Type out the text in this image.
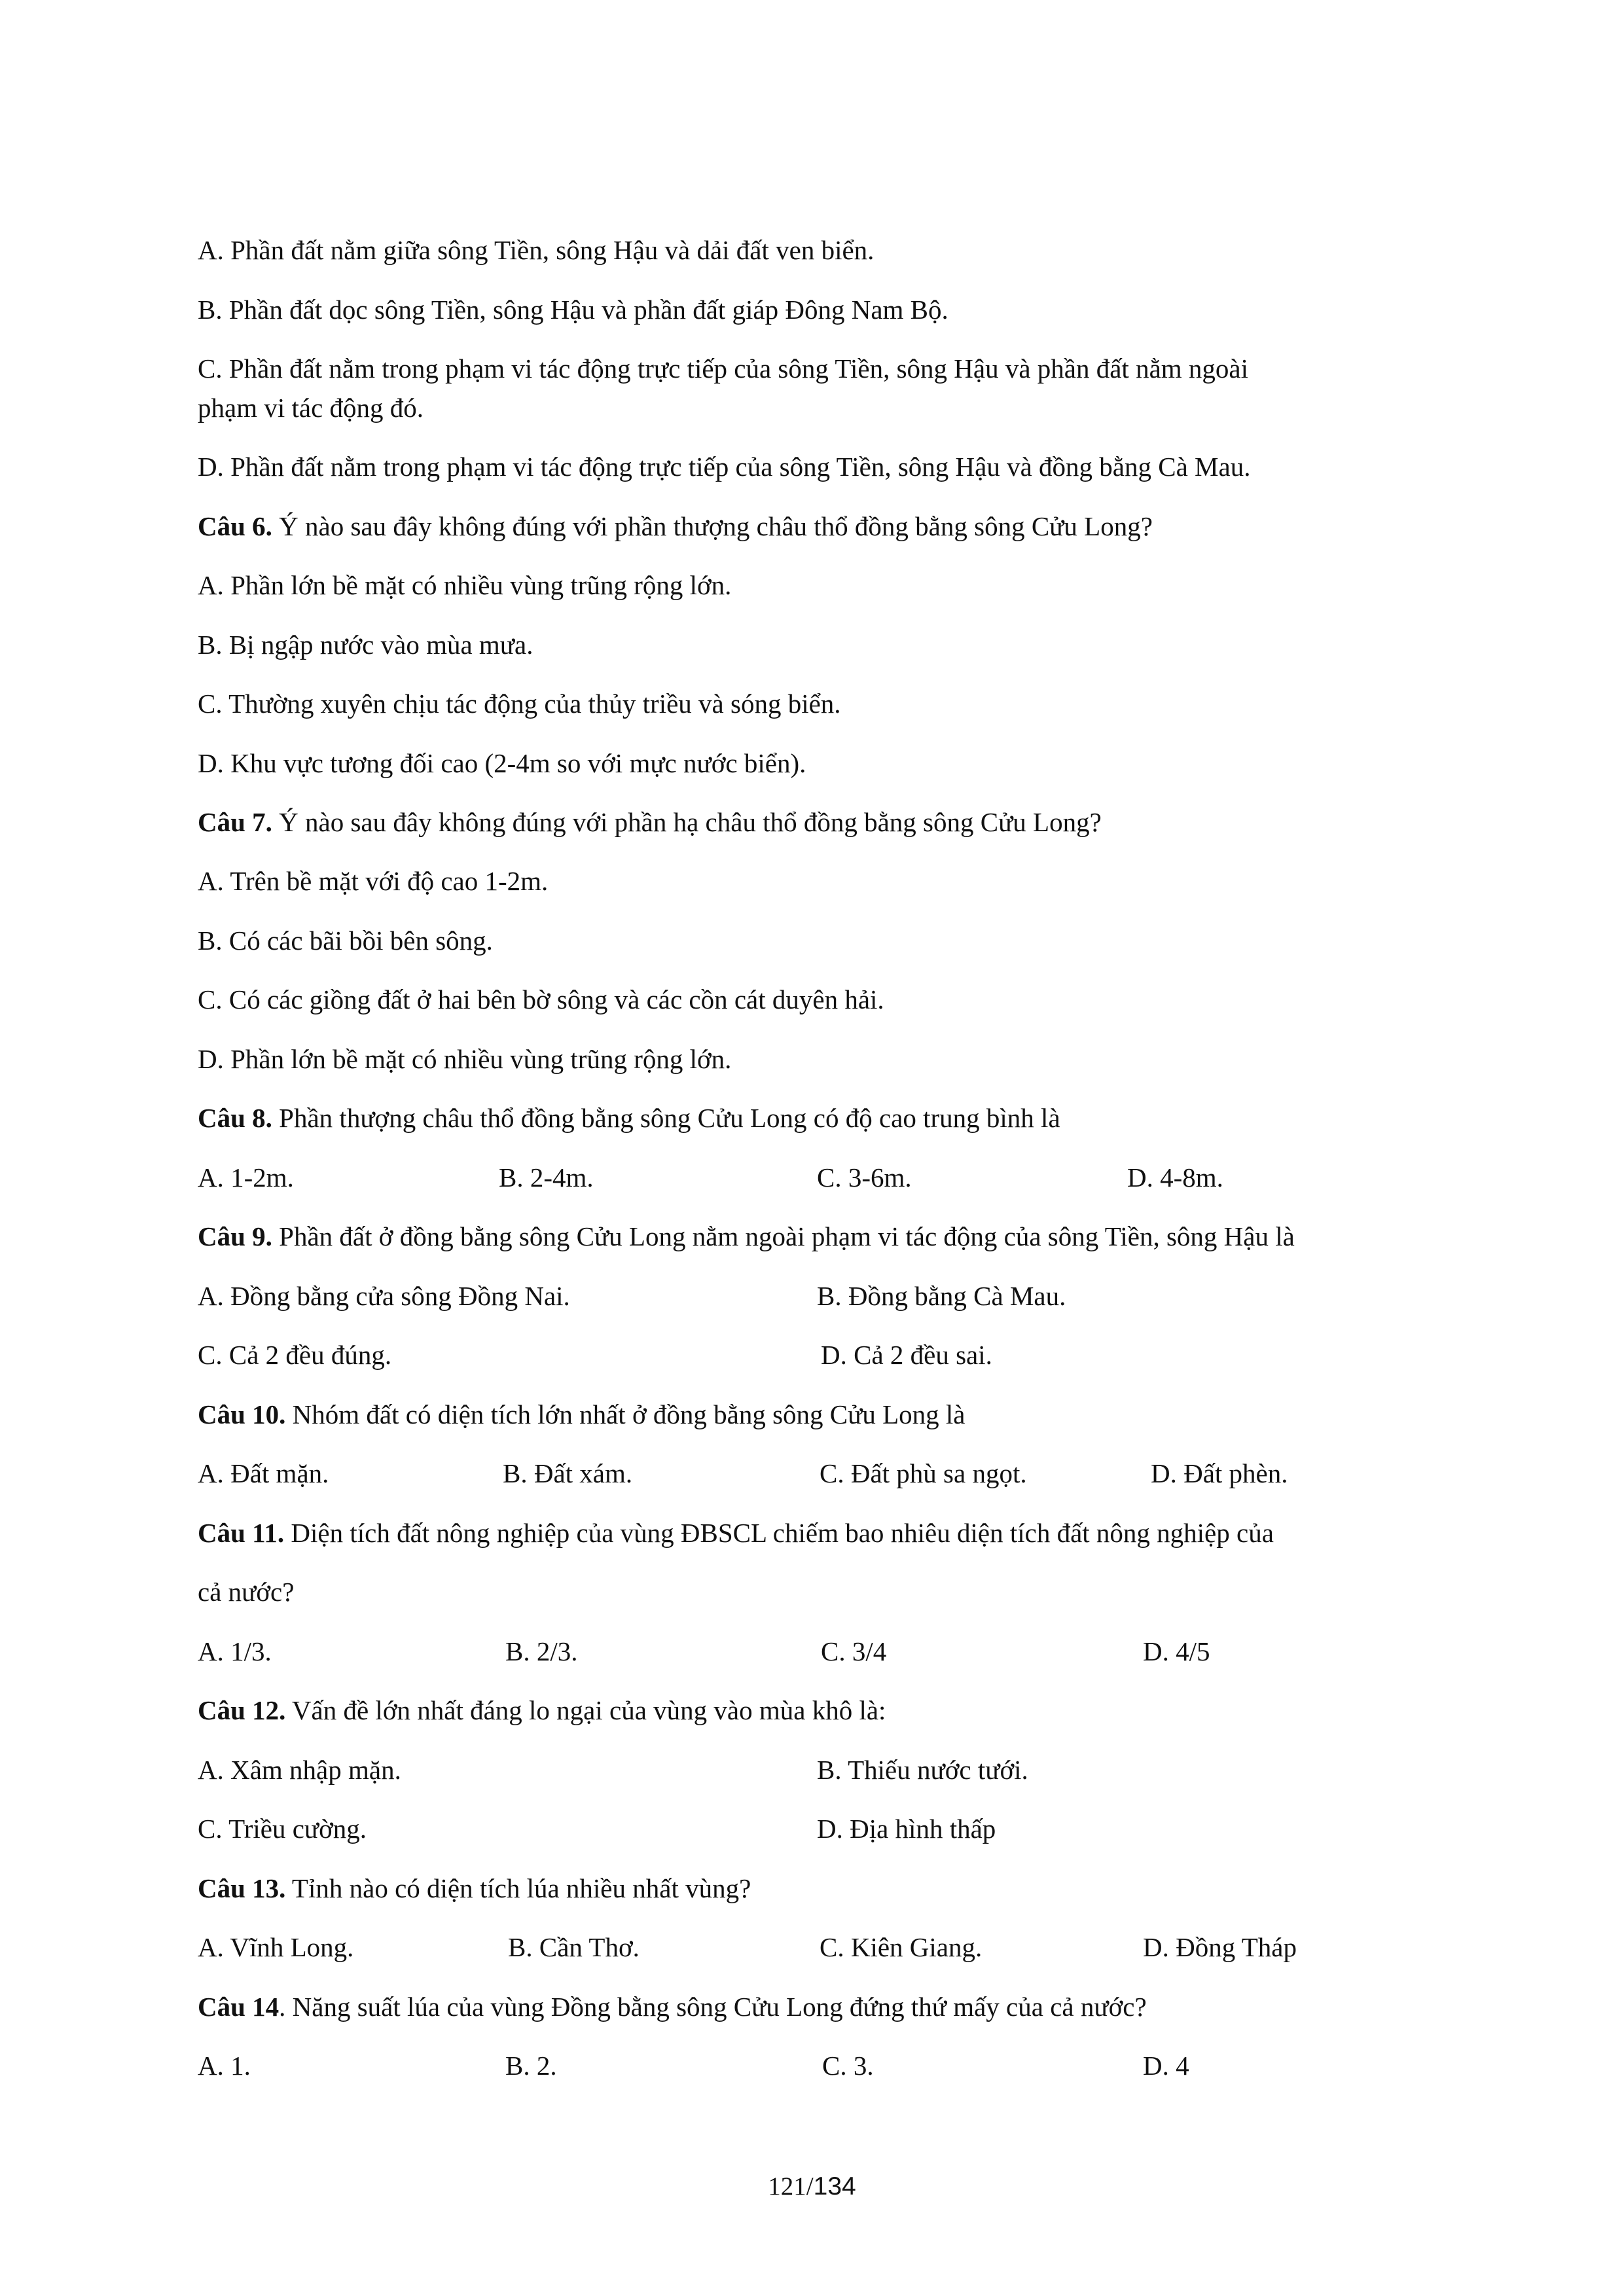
A. Phần đất nằm giữa sông Tiền, sông Hậu và dải đất ven biển.
B. Phần đất dọc sông Tiền, sông Hậu và phần đất giáp Đông Nam Bộ.
C. Phần đất nằm trong phạm vi tác động trực tiếp của sông Tiền, sông Hậu và phần đất nằm ngoài
phạm vi tác động đó.
D. Phần đất nằm trong phạm vi tác động trực tiếp của sông Tiền, sông Hậu và đồng bằng Cà Mau.
Câu 6. Ý nào sau đây không đúng với phần thượng châu thổ đồng bằng sông Cửu Long?
A. Phần lớn bề mặt có nhiều vùng trũng rộng lớn.
B. Bị ngập nước vào mùa mưa.
C. Thường xuyên chịu tác động của thủy triều và sóng biển.
D. Khu vực tương đối cao (2-4m so với mực nước biển).
Câu 7. Ý nào sau đây không đúng với phần hạ châu thổ đồng bằng sông Cửu Long?
A. Trên bề mặt với độ cao 1-2m.
B. Có các bãi bồi bên sông.
C. Có các giồng đất ở hai bên bờ sông và các cồn cát duyên hải.
D. Phần lớn bề mặt có nhiều vùng trũng rộng lớn.
Câu 8. Phần thượng châu thổ đồng bằng sông Cửu Long có độ cao trung bình là
A. 1-2m.	B. 2-4m.	C. 3-6m.	D. 4-8m.
Câu 9. Phần đất ở đồng bằng sông Cửu Long nằm ngoài phạm vi tác động của sông Tiền, sông Hậu là
A. Đồng bằng cửa sông Đồng Nai.	B. Đồng bằng Cà Mau.
C. Cả 2 đều đúng.	D. Cả 2 đều sai.
Câu 10. Nhóm đất có diện tích lớn nhất ở đồng bằng sông Cửu Long là
A. Đất mặn.	B. Đất xám.	C. Đất phù sa ngọt.	D. Đất phèn.
Câu 11. Diện tích đất nông nghiệp của vùng ĐBSCL chiếm bao nhiêu diện tích đất nông nghiệp của
cả nước?
A. 1/3.	B. 2/3.	C. 3/4	D. 4/5
Câu 12. Vấn đề lớn nhất đáng lo ngại của vùng vào mùa khô là:
A. Xâm nhập mặn.	B. Thiếu nước tưới.
C. Triều cường.	D. Địa hình thấp
Câu 13. Tỉnh nào có diện tích lúa nhiều nhất vùng?
A. Vĩnh Long.	B. Cần Thơ.	C. Kiên Giang.	D. Đồng Tháp
Câu 14. Năng suất lúa của vùng Đồng bằng sông Cửu Long đứng thứ mấy của cả nước?
A. 1.	B. 2.	C. 3.	D. 4
121/134
